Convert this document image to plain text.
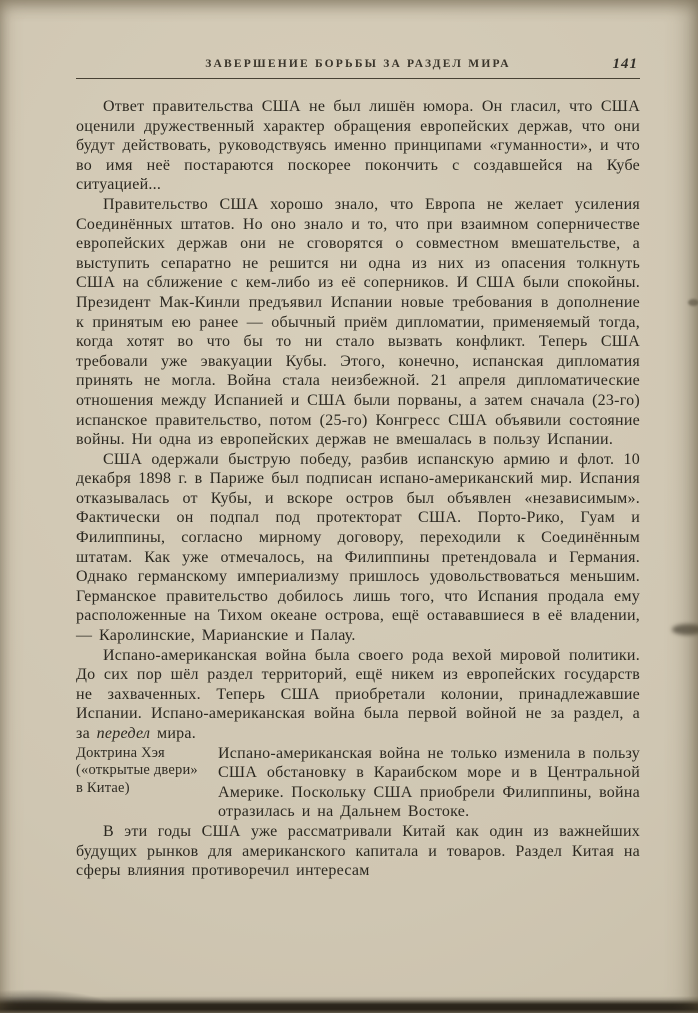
ЗАВЕРШЕНИЕ БОРЬБЫ ЗА РАЗДЕЛ МИРА	141

Ответ правительства США не был лишён юмора. Он гласил, что США оценили дружественный характер обращения европейских держав, что они будут действовать, руководствуясь именно принципами «гуманности», и что во имя неё постараются поскорее покончить с создавшейся на Кубе ситуацией...

Правительство США хорошо знало, что Европа не желает усиления Соединённых штатов. Но оно знало и то, что при взаимном соперничестве европейских держав они не сговорятся о совместном вмешательстве, а выступить сепаратно не решится ни одна из них из опасения толкнуть США на сближение с кем-либо из её соперников. И США были спокойны. Президент Мак-Кинли предъявил Испании новые требования в дополнение к принятым ею ранее — обычный приём дипломатии, применяемый тогда, когда хотят во что бы то ни стало вызвать конфликт. Теперь США требовали уже эвакуации Кубы. Этого, конечно, испанская дипломатия принять не могла. Война стала неизбежной. 21 апреля дипломатические отношения между Испанией и США были порваны, а затем сначала (23-го) испанское правительство, потом (25-го) Конгресс США объявили состояние войны. Ни одна из европейских держав не вмешалась в пользу Испании.

США одержали быструю победу, разбив испанскую армию и флот. 10 декабря 1898 г. в Париже был подписан испано-американский мир. Испания отказывалась от Кубы, и вскоре остров был объявлен «независимым». Фактически он подпал под протекторат США. Порто-Рико, Гуам и Филиппины, согласно мирному договору, переходили к Соединённым штатам. Как уже отмечалось, на Филиппины претендовала и Германия. Однако германскому империализму пришлось удовольствоваться меньшим. Германское правительство добилось лишь того, что Испания продала ему расположенные на Тихом океане острова, ещё остававшиеся в её владении, — Каролинские, Марианские и Палау.

Испано-американская война была своего рода вехой мировой политики. До сих пор шёл раздел территорий, ещё никем из европейских государств не захваченных. Теперь США приобретали колонии, принадлежавшие Испании. Испано-американская война была первой войной не за раздел, а за передел мира.

Доктрина Хэя («открытые двери» в Китае)

Испано-американская война не только изменила в пользу США обстановку в Караибском море и в Центральной Америке. Поскольку США приобрели Филиппины, война отразилась и на Дальнем Востоке.

В эти годы США уже рассматривали Китай как один из важнейших будущих рынков для американского капитала и товаров. Раздел Китая на сферы влияния противоречил интересам
